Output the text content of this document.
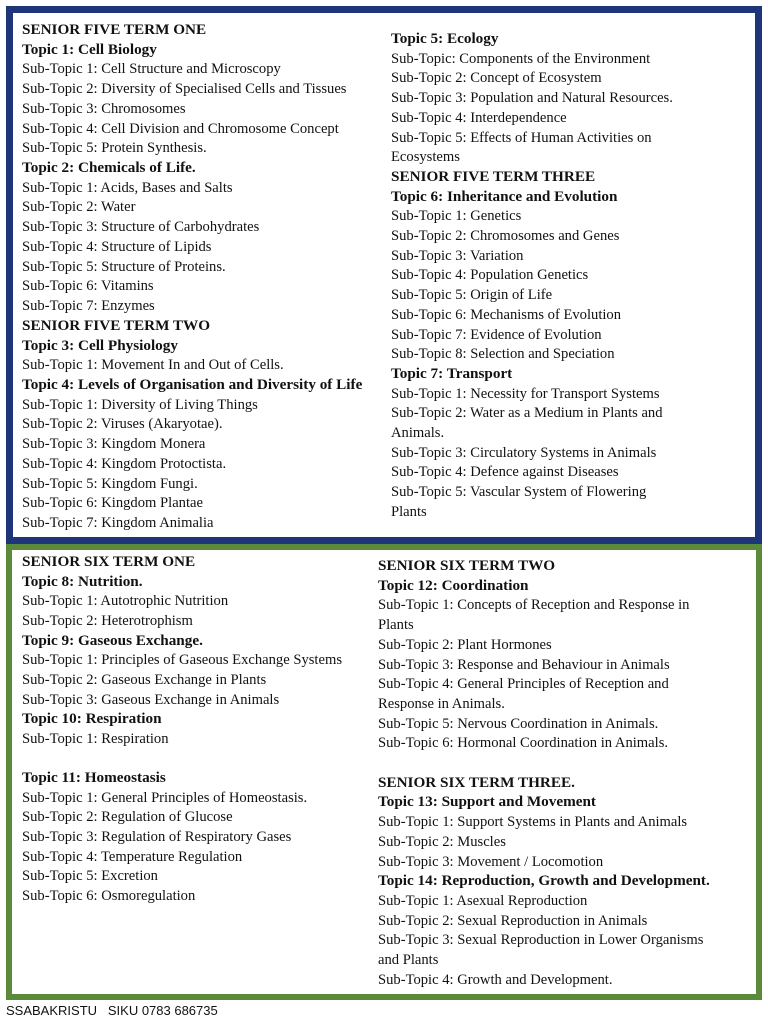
SENIOR FIVE TERM ONE
Topic 1: Cell Biology
Sub-Topic 1: Cell Structure and Microscopy
Sub-Topic 2: Diversity of Specialised Cells and Tissues
Sub-Topic 3: Chromosomes
Sub-Topic 4: Cell Division and Chromosome Concept
Sub-Topic 5: Protein Synthesis.
Topic 2: Chemicals of Life.
Sub-Topic 1: Acids, Bases and Salts
Sub-Topic 2: Water
Sub-Topic 3: Structure of Carbohydrates
Sub-Topic 4: Structure of Lipids
Sub-Topic 5: Structure of Proteins.
Sub-Topic 6: Vitamins
Sub-Topic 7: Enzymes
SENIOR FIVE TERM TWO
Topic 3: Cell Physiology
Sub-Topic 1: Movement In and Out of Cells.
Topic 4: Levels of Organisation and Diversity of Life
Sub-Topic 1: Diversity of Living Things
Sub-Topic 2: Viruses (Akaryotae).
Sub-Topic 3: Kingdom Monera
Sub-Topic 4: Kingdom Protoctista.
Sub-Topic 5: Kingdom Fungi.
Sub-Topic 6: Kingdom Plantae
Sub-Topic 7: Kingdom Animalia
Topic 5: Ecology
Sub-Topic: Components of the Environment
Sub-Topic 2: Concept of Ecosystem
Sub-Topic 3: Population and Natural Resources.
Sub-Topic 4: Interdependence
Sub-Topic 5: Effects of Human Activities on
Ecosystems
SENIOR FIVE TERM THREE
Topic 6: Inheritance and Evolution
Sub-Topic 1: Genetics
Sub-Topic 2: Chromosomes and Genes
Sub-Topic 3: Variation
Sub-Topic 4: Population Genetics
Sub-Topic 5: Origin of Life
Sub-Topic 6: Mechanisms of Evolution
Sub-Topic 7: Evidence of Evolution
Sub-Topic 8: Selection and Speciation
Topic 7: Transport
Sub-Topic 1: Necessity for Transport Systems
Sub-Topic 2: Water as a Medium in Plants and
Animals.
Sub-Topic 3: Circulatory Systems in Animals
Sub-Topic 4: Defence against Diseases
Sub-Topic 5: Vascular System of Flowering
Plants
SENIOR SIX TERM ONE
Topic 8: Nutrition.
Sub-Topic 1: Autotrophic Nutrition
Sub-Topic 2: Heterotrophism
Topic 9: Gaseous Exchange.
Sub-Topic 1: Principles of Gaseous Exchange Systems
Sub-Topic 2: Gaseous Exchange in Plants
Sub-Topic 3: Gaseous Exchange in Animals
Topic 10: Respiration
Sub-Topic 1: Respiration
Topic 11: Homeostasis
Sub-Topic 1: General Principles of Homeostasis.
Sub-Topic 2: Regulation of Glucose
Sub-Topic 3: Regulation of Respiratory Gases
Sub-Topic 4: Temperature Regulation
Sub-Topic 5: Excretion
Sub-Topic 6: Osmoregulation
SENIOR SIX TERM TWO
Topic 12: Coordination
Sub-Topic 1: Concepts of Reception and Response in
Plants
Sub-Topic 2: Plant Hormones
Sub-Topic 3: Response and Behaviour in Animals
Sub-Topic 4: General Principles of Reception and
Response in Animals.
Sub-Topic 5: Nervous Coordination in Animals.
Sub-Topic 6: Hormonal Coordination in Animals.
SENIOR SIX TERM THREE.
Topic 13: Support and Movement
Sub-Topic 1: Support Systems in Plants and Animals
Sub-Topic 2: Muscles
Sub-Topic 3: Movement / Locomotion
Topic 14: Reproduction, Growth and Development.
Sub-Topic 1: Asexual Reproduction
Sub-Topic 2: Sexual Reproduction in Animals
Sub-Topic 3: Sexual Reproduction in Lower Organisms
and Plants
Sub-Topic 4: Growth and Development.
SSABAKRISTU   SIKU 0783 686735
